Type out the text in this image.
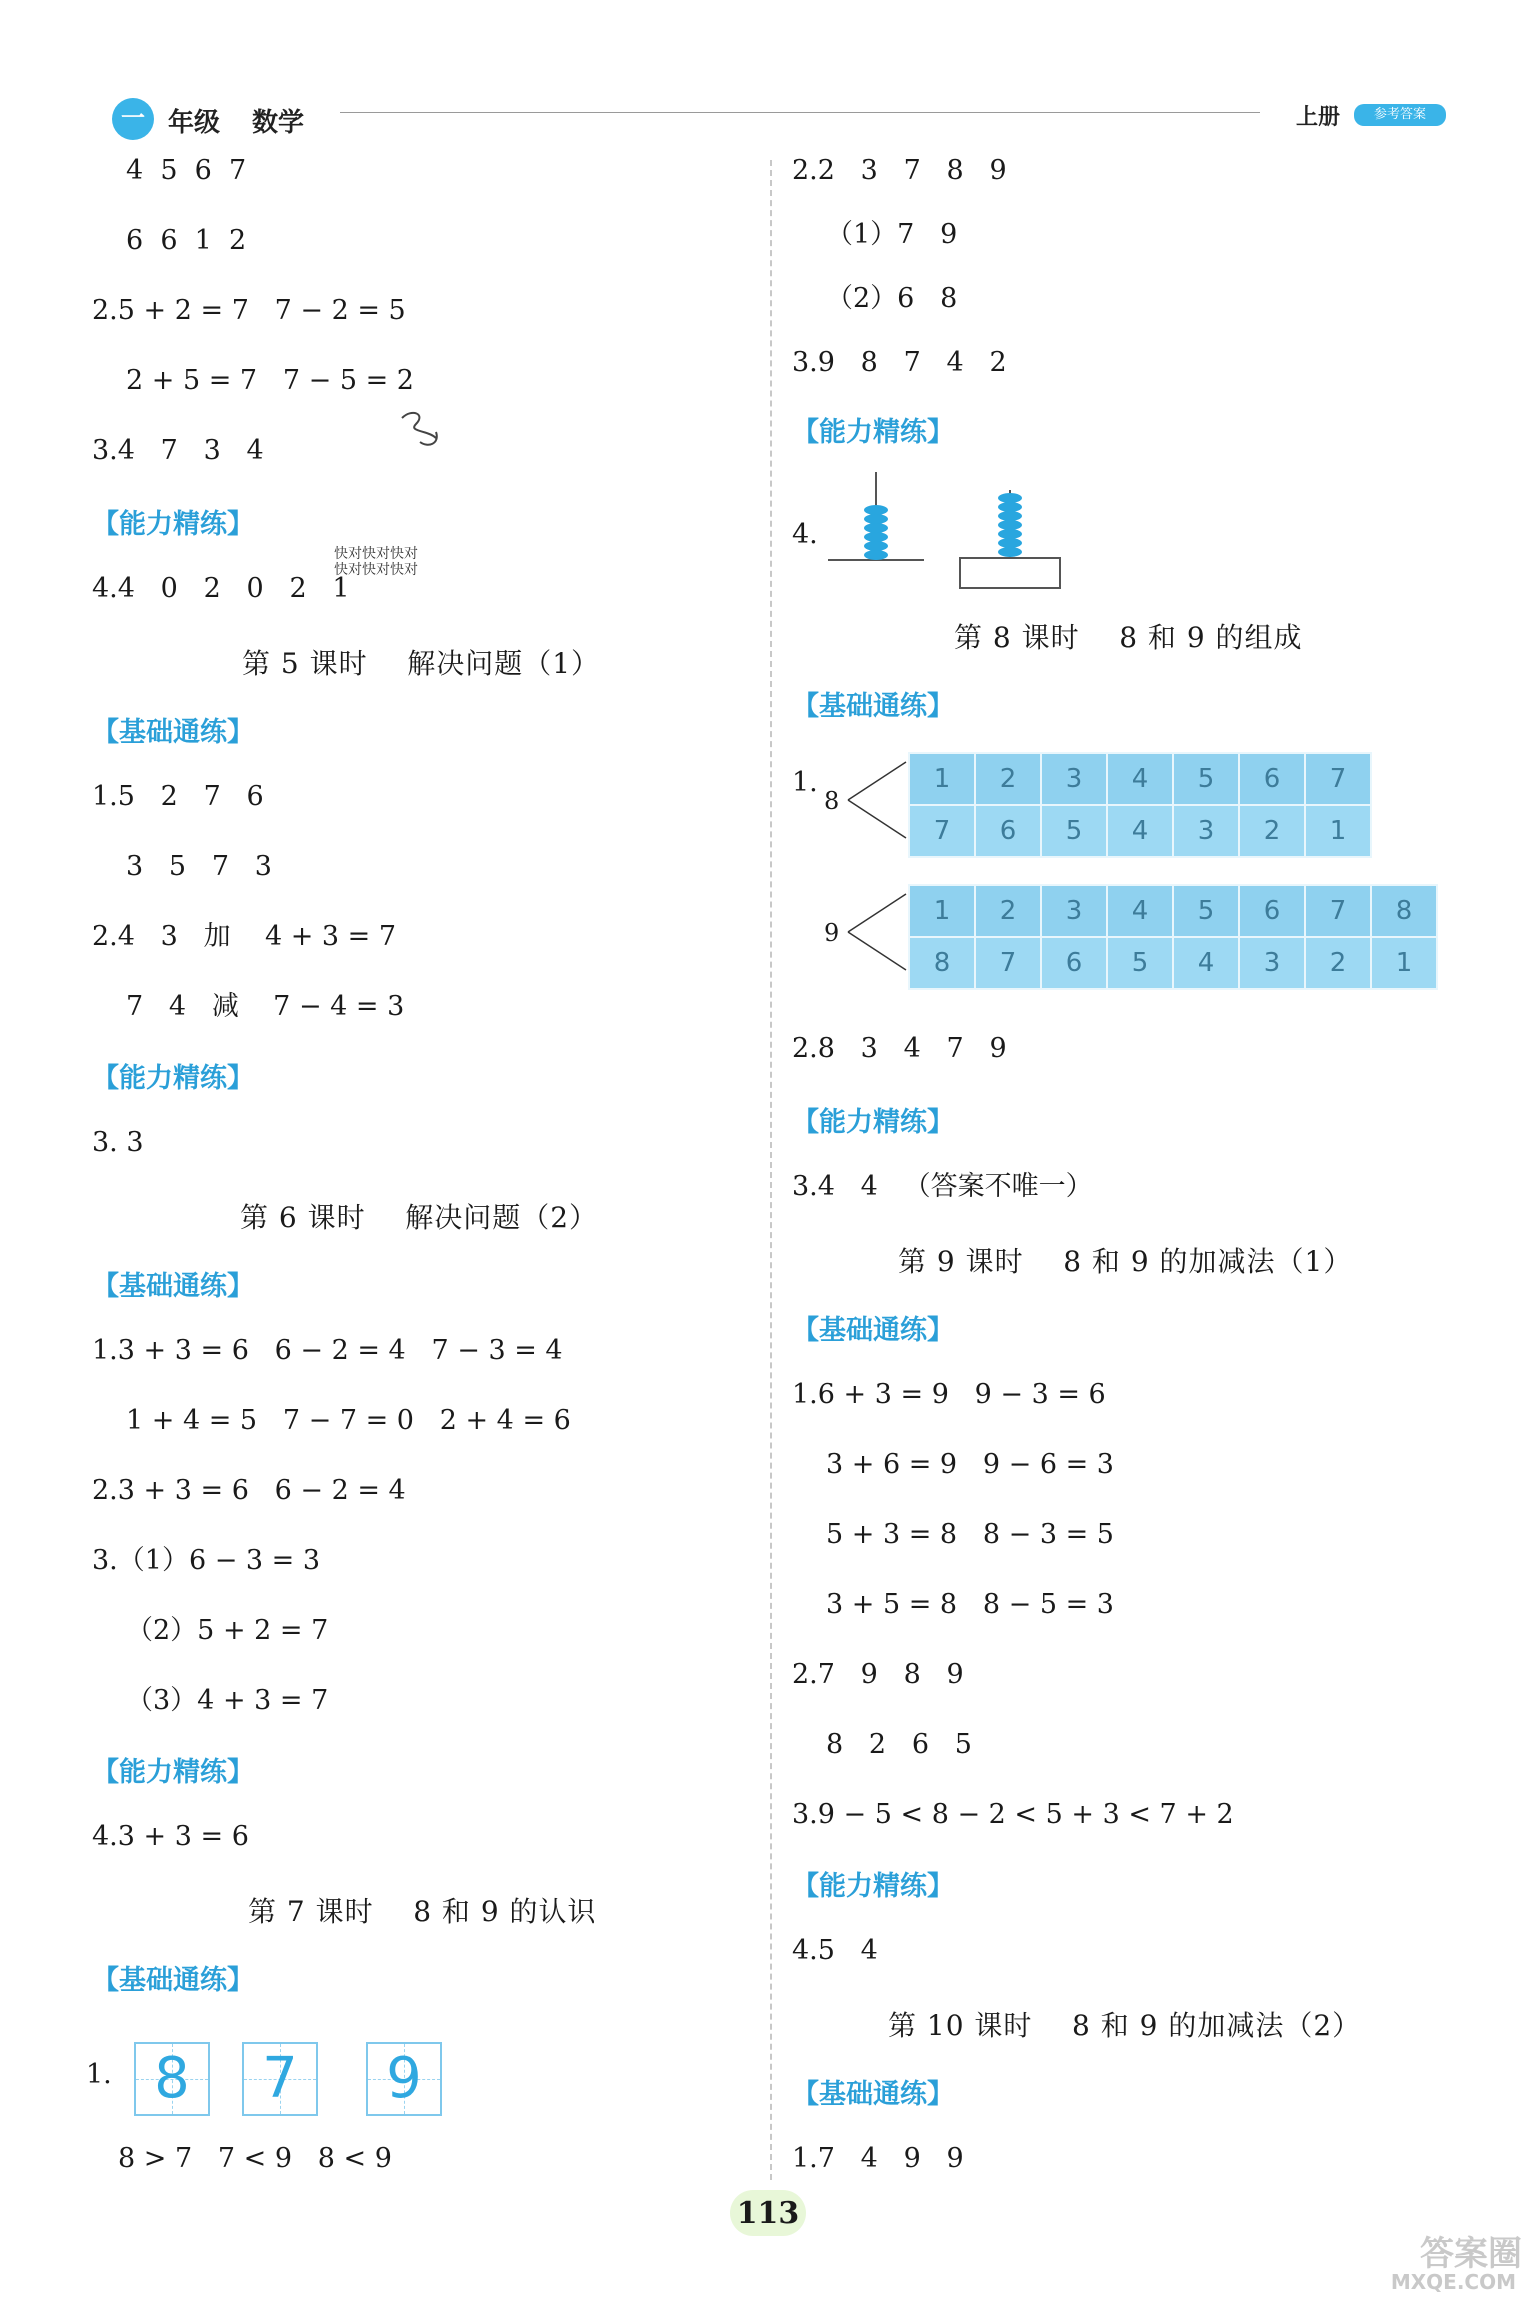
一 年级 数学	上册	参考答案
4  5  6  7
6  6  1  2
2.5 + 2 = 7   7 − 2 = 5
2 + 5 = 7   7 − 5 = 2
3.4   7   3   4
【能力精练】
4.4   0   2   0   2   1
快对快对快对
快对快对快对
第 5 课时    解决问题（1）
【基础通练】
1.5   2   7   6
3   5   7   3
2.4   3   加    4 + 3 = 7
7   4   减    7 − 4 = 3
【能力精练】
3. 3
第 6 课时    解决问题（2）
【基础通练】
1.3 + 3 = 6   6 − 2 = 4   7 − 3 = 4
1 + 4 = 5   7 − 7 = 0   2 + 4 = 6
2.3 + 3 = 6   6 − 2 = 4
3.（1）6 − 3 = 3
（2）5 + 2 = 7
（3）4 + 3 = 7
【能力精练】
4.3 + 3 = 6
第 7 课时    8 和 9 的认识
【基础通练】
1. 8	7	9
8 > 7   7 < 9   8 < 9
2.2   3   7   8   9
（1）7   9
（2）6   8
3.9   8   7   4   2
【能力精练】
4.
第 8 课时    8 和 9 的组成
【基础通练】
1.
8
1	2	3	4	5	6	7
7	6	5	4	3	2	1
9
1	2	3	4	5	6	7	8
8	7	6	5	4	3	2	1
2.8   3   4   7   9
【能力精练】
3.4   4   （答案不唯一）
第 9 课时    8 和 9 的加减法（1）
【基础通练】
1.6 + 3 = 9   9 − 3 = 6
3 + 6 = 9   9 − 6 = 3
5 + 3 = 8   8 − 3 = 5
3 + 5 = 8   8 − 5 = 3
2.7   9   8   9
8   2   6   5
3.9 − 5 < 8 − 2 < 5 + 3 < 7 + 2
【能力精练】
4.5   4
第 10 课时    8 和 9 的加减法（2）
【基础通练】
1.7   4   9   9
113
答案圈
MXQE.COM
